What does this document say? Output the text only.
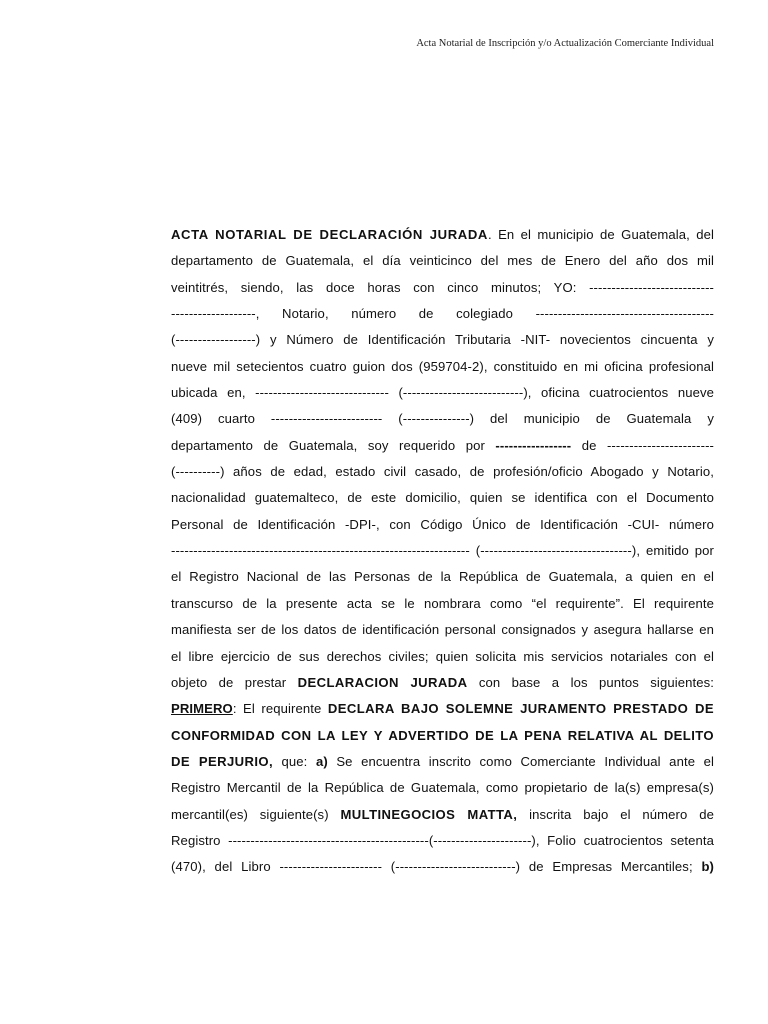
Acta Notarial de Inscripción y/o Actualización Comerciante Individual
ACTA NOTARIAL DE DECLARACIÓN JURADA. En el municipio de Guatemala, del
departamento de Guatemala, el día veinticinco del mes de Enero del año dos mil
veintitrés, siendo, las doce horas con cinco minutos; YO: ----------------------------
-------------------, Notario, número de colegiado ----------------------------------------
(------------------) y Número de Identificación Tributaria -NIT- novecientos cincuenta y
nueve mil setecientos cuatro guion dos (959704-2), constituido en mi oficina profesional
ubicada en, ------------------------------ (---------------------------), oficina cuatrocientos nueve
(409) cuarto ------------------------- (---------------) del municipio de Guatemala y
departamento de Guatemala, soy requerido por ----------------- de ------------------------
(----------) años de edad, estado civil casado, de profesión/oficio Abogado y Notario,
nacionalidad guatemalteco, de este domicilio, quien se identifica con el Documento
Personal de Identificación -DPI-, con Código Único de Identificación -CUI- número
------------------------------------------------------------------- (----------------------------------), emitido por
el Registro Nacional de las Personas de la República de Guatemala, a quien en el
transcurso de la presente acta se le nombrara como “el requirente”. El requirente
manifiesta ser de los datos de identificación personal consignados y asegura hallarse en
el libre ejercicio de sus derechos civiles; quien solicita mis servicios notariales con el
objeto de prestar DECLARACION JURADA con base a los puntos siguientes:
PRIMERO: El requirente DECLARA BAJO SOLEMNE JURAMENTO PRESTADO DE
CONFORMIDAD CON LA LEY Y ADVERTIDO DE LA PENA RELATIVA AL DELITO
DE PERJURIO, que: a) Se encuentra inscrito como Comerciante Individual ante el
Registro Mercantil de la República de Guatemala, como propietario de la(s) empresa(s)
mercantil(es) siguiente(s) MULTINEGOCIOS MATTA, inscrita bajo el número de
Registro ---------------------------------------------(----------------------), Folio cuatrocientos setenta
(470), del Libro ----------------------- (---------------------------) de Empresas Mercantiles; b)
